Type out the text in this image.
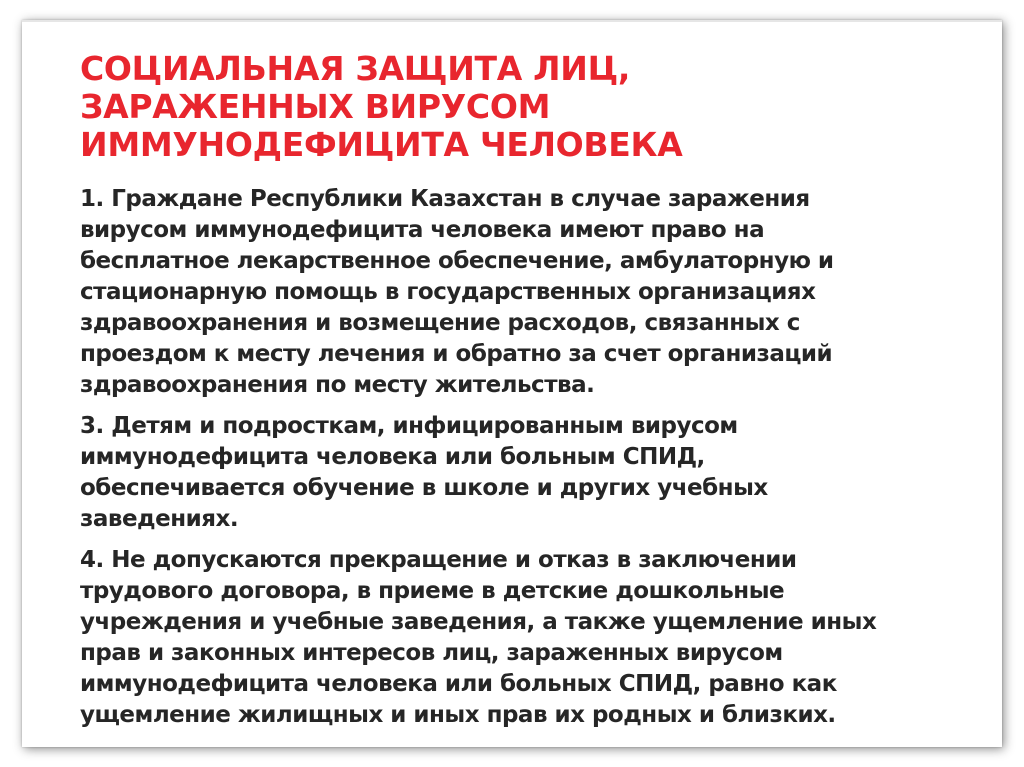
СОЦИАЛЬНАЯ ЗАЩИТА ЛИЦ,
ЗАРАЖЕННЫХ ВИРУСОМ
ИММУНОДЕФИЦИТА ЧЕЛОВЕКА

1. Граждане Республики Казахстан в случае заражения
вирусом иммунодефицита человека имеют право на
бесплатное лекарственное обеспечение, амбулаторную и
стационарную помощь в государственных организациях
здравоохранения и возмещение расходов, связанных с
проездом к месту лечения и обратно за счет организаций
здравоохранения по месту жительства.

3. Детям и подросткам, инфицированным вирусом
иммунодефицита человека или больным СПИД,
обеспечивается обучение в школе и других учебных
заведениях.

4. Не допускаются прекращение и отказ в заключении
трудового договора, в приеме в детские дошкольные
учреждения и учебные заведения, а также ущемление иных
прав и законных интересов лиц, зараженных вирусом
иммунодефицита человека или больных СПИД, равно как
ущемление жилищных и иных прав их родных и близких.
